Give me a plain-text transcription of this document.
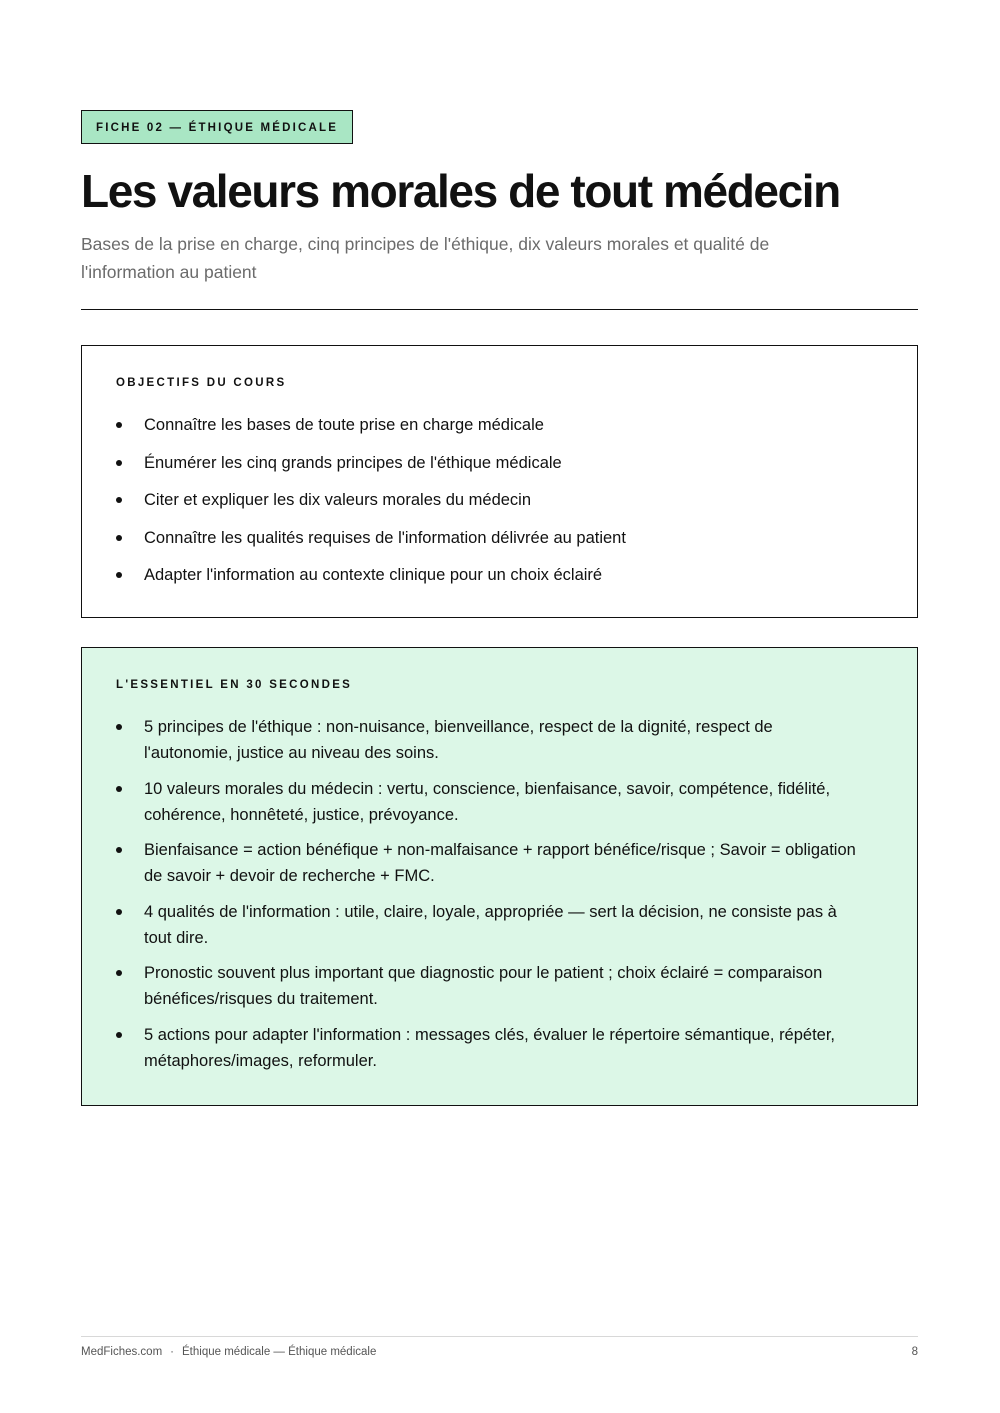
FICHE 02 — ÉTHIQUE MÉDICALE
Les valeurs morales de tout médecin

Bases de la prise en charge, cinq principes de l'éthique, dix valeurs morales et qualité de l'information au patient

OBJECTIFS DU COURS
Connaître les bases de toute prise en charge médicale
Énumérer les cinq grands principes de l'éthique médicale
Citer et expliquer les dix valeurs morales du médecin
Connaître les qualités requises de l'information délivrée au patient
Adapter l'information au contexte clinique pour un choix éclairé
L'ESSENTIEL EN 30 SECONDES
5 principes de l'éthique : non-nuisance, bienveillance, respect de la dignité, respect de l'autonomie, justice au niveau des soins.
10 valeurs morales du médecin : vertu, conscience, bienfaisance, savoir, compétence, fidélité, cohérence, honnêteté, justice, prévoyance.
Bienfaisance = action bénéfique + non-malfaisance + rapport bénéfice/risque ; Savoir = obligation de savoir + devoir de recherche + FMC.
4 qualités de l'information : utile, claire, loyale, appropriée — sert la décision, ne consiste pas à tout dire.
Pronostic souvent plus important que diagnostic pour le patient ; choix éclairé = comparaison bénéfices/risques du traitement.
5 actions pour adapter l'information : messages clés, évaluer le répertoire sémantique, répéter, métaphores/images, reformuler.
MedFiches.com · Éthique médicale — Éthique médicale	8
